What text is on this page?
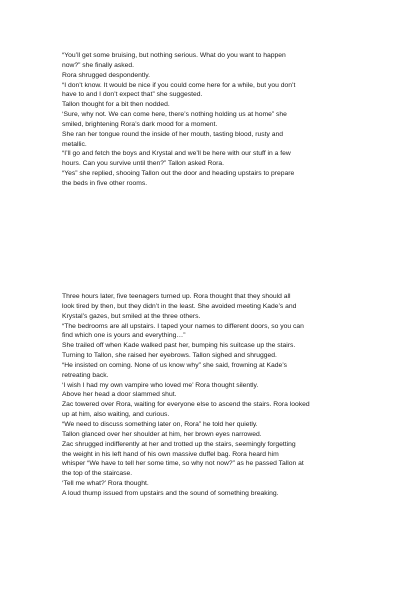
“You’ll get some bruising, but nothing serious. What do you want to happen
now?” she finally asked.
Rora shrugged despondently.
“I don’t know. It would be nice if you could come here for a while, but you don’t
have to and I don’t expect that” she suggested.
Tallon thought for a bit then nodded.
‘Sure, why not. We can come here, there’s nothing holding us at home” she
smiled, brightening Rora’s dark mood for a moment.
She ran her tongue round the inside of her mouth, tasting blood, rusty and
metallic.
“I’ll go and fetch the boys and Krystal and we’ll be here with our stuff in a few
hours. Can you survive until then?” Tallon asked Rora.
“Yes” she replied, shooing Tallon out the door and heading upstairs to prepare
the beds in five other rooms.
Three hours later, five teenagers turned up. Rora thought that they should all
look tired by then, but they didn’t in the least. She avoided meeting Kade’s and
Krystal’s gazes, but smiled at the three others.
“The bedrooms are all upstairs. I taped your names to different doors, so you can
find which one is yours and everything…”
She trailed off when Kade walked past her, bumping his suitcase up the stairs.
Turning to Tallon, she raised her eyebrows. Tallon sighed and shrugged.
“He insisted on coming. None of us know why” she said, frowning at Kade’s
retreating back.
‘I wish I had my own vampire who loved me’ Rora thought silently.
Above her head a door slammed shut.
Zac towered over Rora, waiting for everyone else to ascend the stairs. Rora looked
up at him, also waiting, and curious.
“We need to discuss something later on, Rora” he told her quietly.
Tallon glanced over her shoulder at him, her brown eyes narrowed.
Zac shrugged indifferently at her and trotted up the stairs, seemingly forgetting
the weight in his left hand of his own massive duffel bag. Rora heard him
whisper “We have to tell her some time, so why not now?” as he passed Tallon at
the top of the staircase.
‘Tell me what?’ Rora thought.
A loud thump issued from upstairs and the sound of something breaking.
